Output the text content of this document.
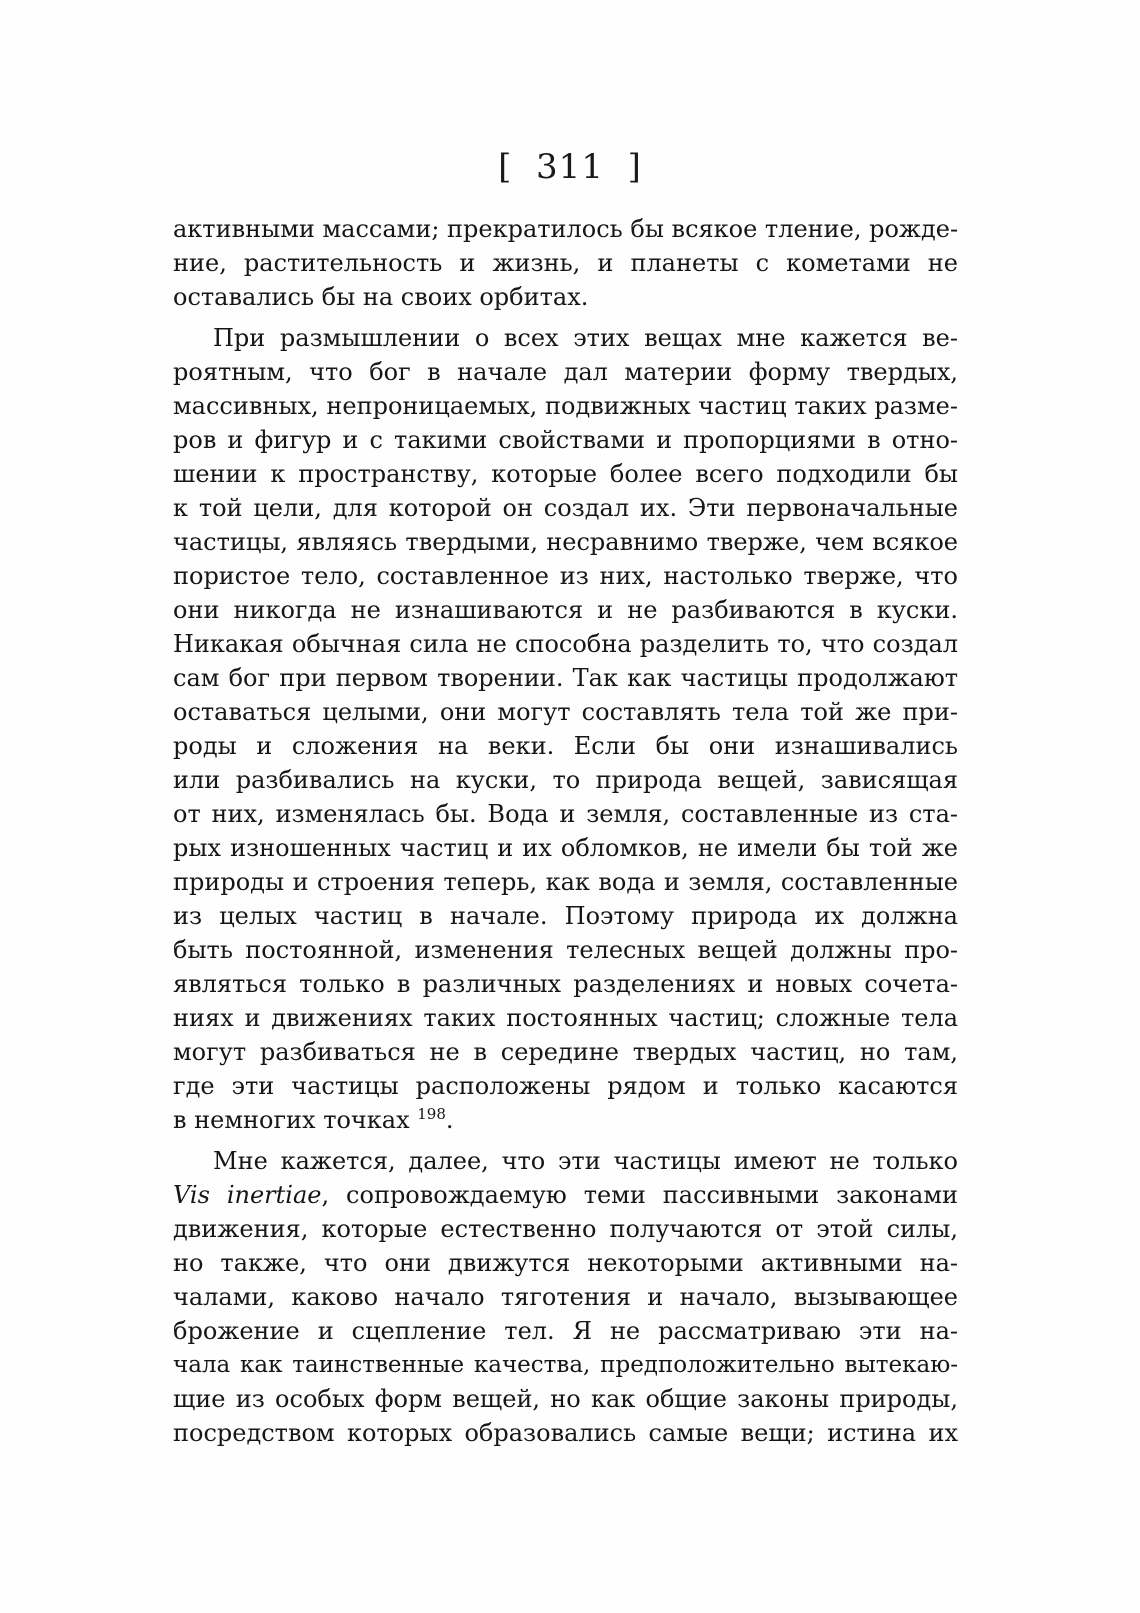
[  311  ]
активными массами; прекратилось бы всякое тление, рожде-
ние, растительность и жизнь, и планеты с кометами не
оставались бы на своих орбитах.
При размышлении о всех этих вещах мне кажется ве-
роятным, что бог в начале дал материи форму твердых,
массивных, непроницаемых, подвижных частиц таких разме-
ров и фигур и с такими свойствами и пропорциями в отно-
шении к пространству, которые более всего подходили бы
к той цели, для которой он создал их. Эти первоначальные
частицы, являясь твердыми, несравнимо тверже, чем всякое
пористое тело, составленное из них, настолько тверже, что
они никогда не изнашиваются и не разбиваются в куски.
Никакая обычная сила не способна разделить то, что создал
сам бог при первом творении. Так как частицы продолжают
оставаться целыми, они могут составлять тела той же при-
роды и сложения на веки. Если бы они изнашивались
или разбивались на куски, то природа вещей, зависящая
от них, изменялась бы. Вода и земля, составленные из ста-
рых изношенных частиц и их обломков, не имели бы той же
природы и строения теперь, как вода и земля, составленные
из целых частиц в начале. Поэтому природа их должна
быть постоянной, изменения телесных вещей должны про-
являться только в различных разделениях и новых сочета-
ниях и движениях таких постоянных частиц; сложные тела
могут разбиваться не в середине твердых частиц, но там,
где эти частицы расположены рядом и только касаются
в немногих точках $^{198}$.
Мне кажется, далее, что эти частицы имеют не только
Vis inertiae, сопровождаемую теми пассивными законами
движения, которые естественно получаются от этой силы,
но также, что они движутся некоторыми активными на-
чалами, каково начало тяготения и начало, вызывающее
брожение и сцепление тел. Я не рассматриваю эти на-
чала как таинственные качества, предположительно вытекаю-
щие из особых форм вещей, но как общие законы природы,
посредством которых образовались самые вещи; истина их
